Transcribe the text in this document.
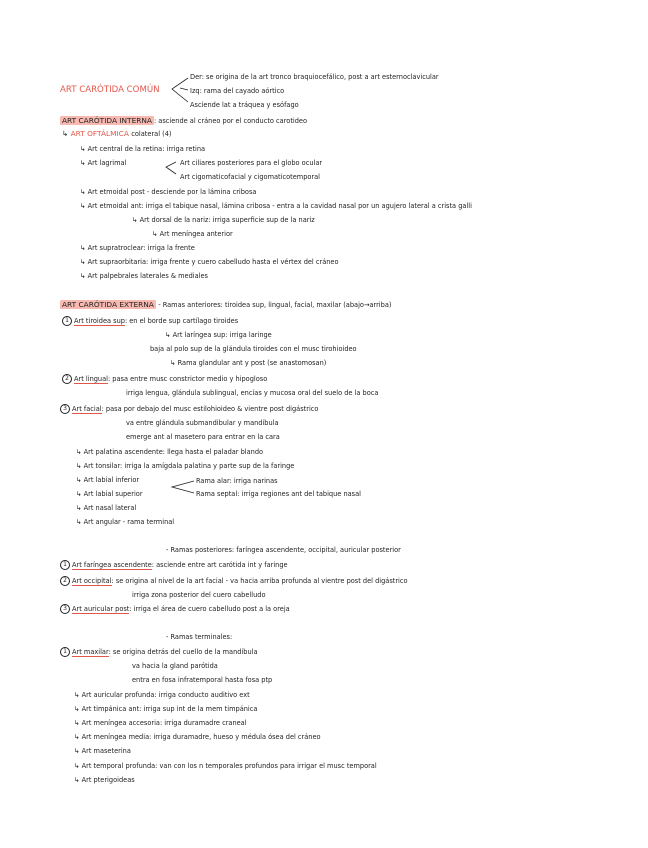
ART CARÓTIDA COMÚN
Der: se origina de la art tronco braquiocefálico, post a art esternoclavicular
Izq: rama del cayado aórtico
Asciende lat a tráquea y esófago
ART CARÓTIDA INTERNA : asciende al cráneo por el conducto carotideo
↳ ART OFTÁLMICA colateral (4)
↳ Art central de la retina: irriga retina
↳ Art lagrimal	Art ciliares posteriores para el globo ocular
Art cigomaticofacial y cigomaticotemporal
↳ Art etmoidal post - desciende por la lámina cribosa
↳ Art etmoidal ant: irriga el tabique nasal, lámina cribosa - entra a la cavidad nasal por un agujero lateral a crista galli
↳ Art dorsal de la nariz: irriga superficie sup de la nariz
↳ Art meníngea anterior
↳ Art supratroclear: irriga la frente
↳ Art supraorbitaria: irriga frente y cuero cabelludo hasta el vértex del cráneo
↳ Art palpebrales laterales & mediales
ART CARÓTIDA EXTERNA - Ramas anteriores: tiroidea sup, lingual, facial, maxilar (abajo→arriba)
1 Art tiroidea sup: en el borde sup cartílago tiroides
↳ Art laríngea sup: irriga laringe
baja al polo sup de la glándula tiroides con el musc tirohioideo
↳ Rama glandular ant y post (se anastomosan)
2 Art lingual: pasa entre musc constrictor medio y hipogloso
irriga lengua, glándula sublingual, encías y mucosa oral del suelo de la boca
3 Art facial: pasa por debajo del musc estilohioideo & vientre post digástrico
va entre glándula submandibular y mandíbula
emerge ant al masetero para entrar en la cara
↳ Art palatina ascendente: llega hasta el paladar blando
↳ Art tonsilar: irriga la amígdala palatina y parte sup de la faringe
↳ Art labial inferior
↳ Art labial superior
Rama alar: irriga narinas
Rama septal: irriga regiones ant del tabique nasal
↳ Art nasal lateral
↳ Art angular - rama terminal
- Ramas posteriores: faríngea ascendente, occipital, auricular posterior
1 Art faríngea ascendente: asciende entre art carótida int y faringe
2 Art occipital: se origina al nivel de la art facial - va hacia arriba profunda al vientre post del digástrico
irriga zona posterior del cuero cabelludo
3 Art auricular post: irriga el área de cuero cabelludo post a la oreja
- Ramas terminales:
1 Art maxilar: se origina detrás del cuello de la mandíbula
va hacia la gland parótida
entra en fosa infratemporal hasta fosa ptp
↳ Art auricular profunda: irriga conducto auditivo ext
↳ Art timpánica ant: irriga sup int de la mem timpánica
↳ Art meníngea accesoria: irriga duramadre craneal
↳ Art meníngea media: irriga duramadre, hueso y médula ósea del cráneo
↳ Art maseterina
↳ Art temporal profunda: van con los n temporales profundos para irrigar el musc temporal
↳ Art pterigoideas
